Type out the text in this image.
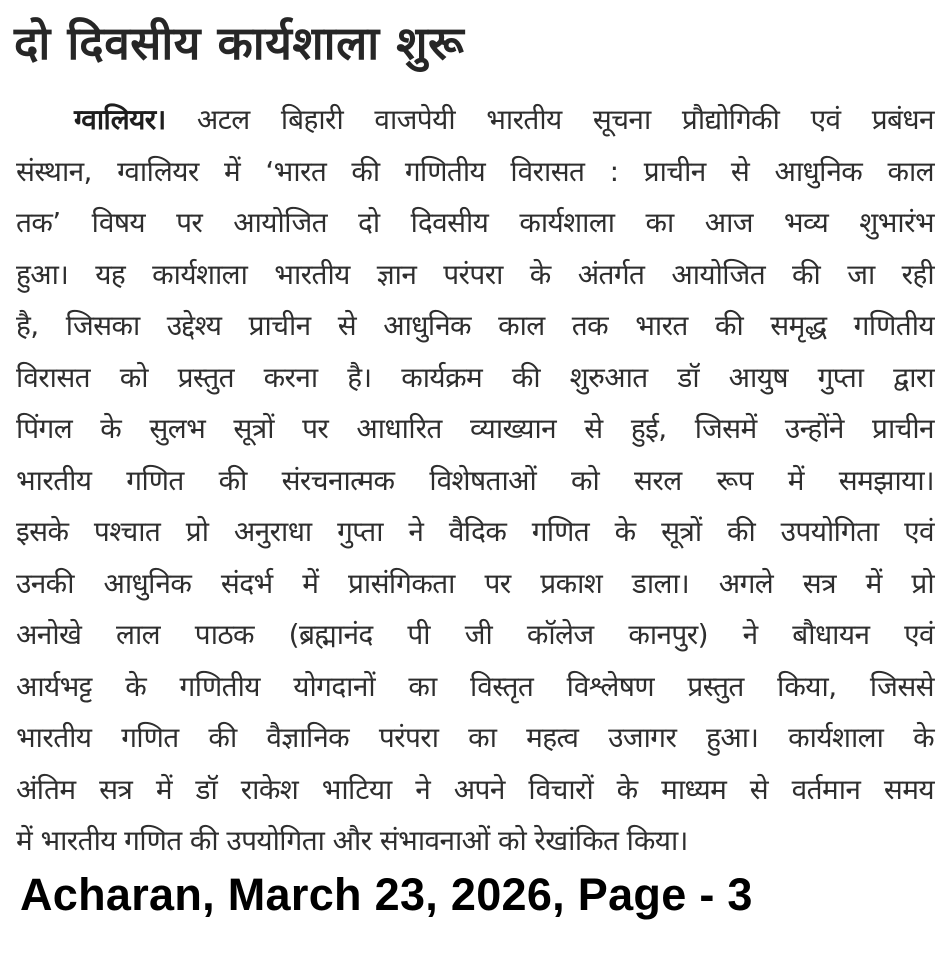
दो दिवसीय कार्यशाला शुरू
ग्वालियर। अटल बिहारी वाजपेयी भारतीय सूचना प्रौद्योगिकी एवं प्रबंधन
संस्थान, ग्वालियर में ‘भारत की गणितीय विरासत : प्राचीन से आधुनिक काल
तक’ विषय पर आयोजित दो दिवसीय कार्यशाला का आज भव्य शुभारंभ
हुआ। यह कार्यशाला भारतीय ज्ञान परंपरा के अंतर्गत आयोजित की जा रही
है, जिसका उद्देश्य प्राचीन से आधुनिक काल तक भारत की समृद्ध गणितीय
विरासत को प्रस्तुत करना है। कार्यक्रम की शुरुआत डॉ आयुष गुप्ता द्वारा
पिंगल के सुलभ सूत्रों पर आधारित व्याख्यान से हुई, जिसमें उन्होंने प्राचीन
भारतीय गणित की संरचनात्मक विशेषताओं को सरल रूप में समझाया।
इसके पश्चात प्रो अनुराधा गुप्ता ने वैदिक गणित के सूत्रों की उपयोगिता एवं
उनकी आधुनिक संदर्भ में प्रासंगिकता पर प्रकाश डाला। अगले सत्र में प्रो
अनोखे लाल पाठक (ब्रह्मानंद पी जी कॉलेज कानपुर) ने बौधायन एवं
आर्यभट्ट के गणितीय योगदानों का विस्तृत विश्लेषण प्रस्तुत किया, जिससे
भारतीय गणित की वैज्ञानिक परंपरा का महत्व उजागर हुआ। कार्यशाला के
अंतिम सत्र में डॉ राकेश भाटिया ने अपने विचारों के माध्यम से वर्तमान समय
में भारतीय गणित की उपयोगिता और संभावनाओं को रेखांकित किया।

Acharan, March 23, 2026, Page - 3
